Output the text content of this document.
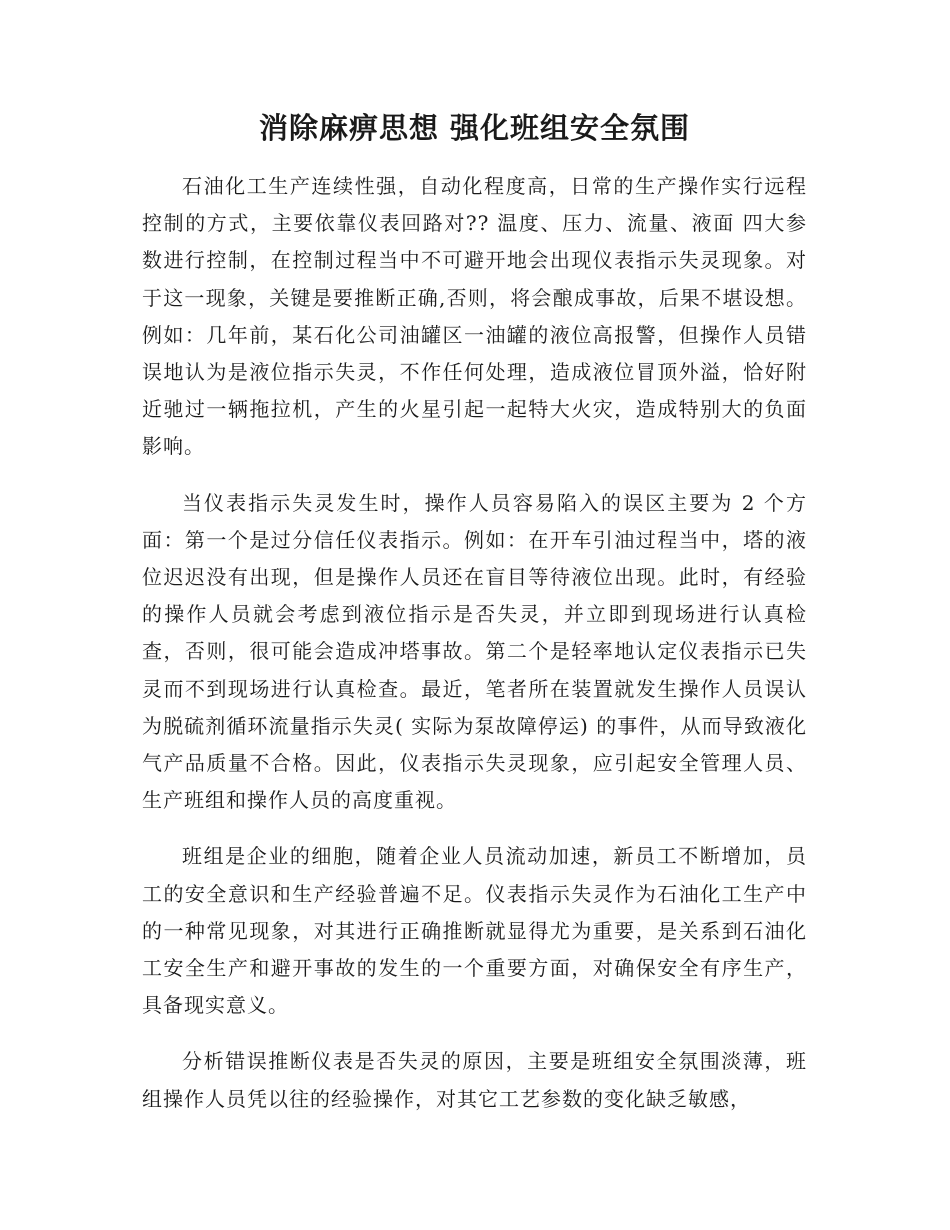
消除麻痹思想 强化班组安全氛围

石油化工生产连续性强，自动化程度高，日常的生产操作实行远程控制的方式，主要依靠仪表回路对?? 温度、压力、流量、液面 四大参数进行控制，在控制过程当中不可避开地会出现仪表指示失灵现象。对于这一现象，关键是要推断正确,否则，将会酿成事故，后果不堪设想。例如：几年前，某石化公司油罐区一油罐的液位高报警，但操作人员错误地认为是液位指示失灵，不作任何处理，造成液位冒顶外溢，恰好附近驰过一辆拖拉机，产生的火星引起一起特大火灾，造成特别大的负面影响。

当仪表指示失灵发生时，操作人员容易陷入的误区主要为 2 个方面：第一个是过分信任仪表指示。例如：在开车引油过程当中，塔的液位迟迟没有出现，但是操作人员还在盲目等待液位出现。此时，有经验的操作人员就会考虑到液位指示是否失灵，并立即到现场进行认真检查，否则，很可能会造成冲塔事故。第二个是轻率地认定仪表指示已失灵而不到现场进行认真检查。最近，笔者所在装置就发生操作人员误认为脱硫剂循环流量指示失灵( 实际为泵故障停运) 的事件，从而导致液化气产品质量不合格。因此，仪表指示失灵现象，应引起安全管理人员、生产班组和操作人员的高度重视。

班组是企业的细胞，随着企业人员流动加速，新员工不断增加，员工的安全意识和生产经验普遍不足。仪表指示失灵作为石油化工生产中的一种常见现象，对其进行正确推断就显得尤为重要，是关系到石油化工安全生产和避开事故的发生的一个重要方面，对确保安全有序生产，具备现实意义。

分析错误推断仪表是否失灵的原因，主要是班组安全氛围淡薄，班组操作人员凭以往的经验操作，对其它工艺参数的变化缺乏敏感，
